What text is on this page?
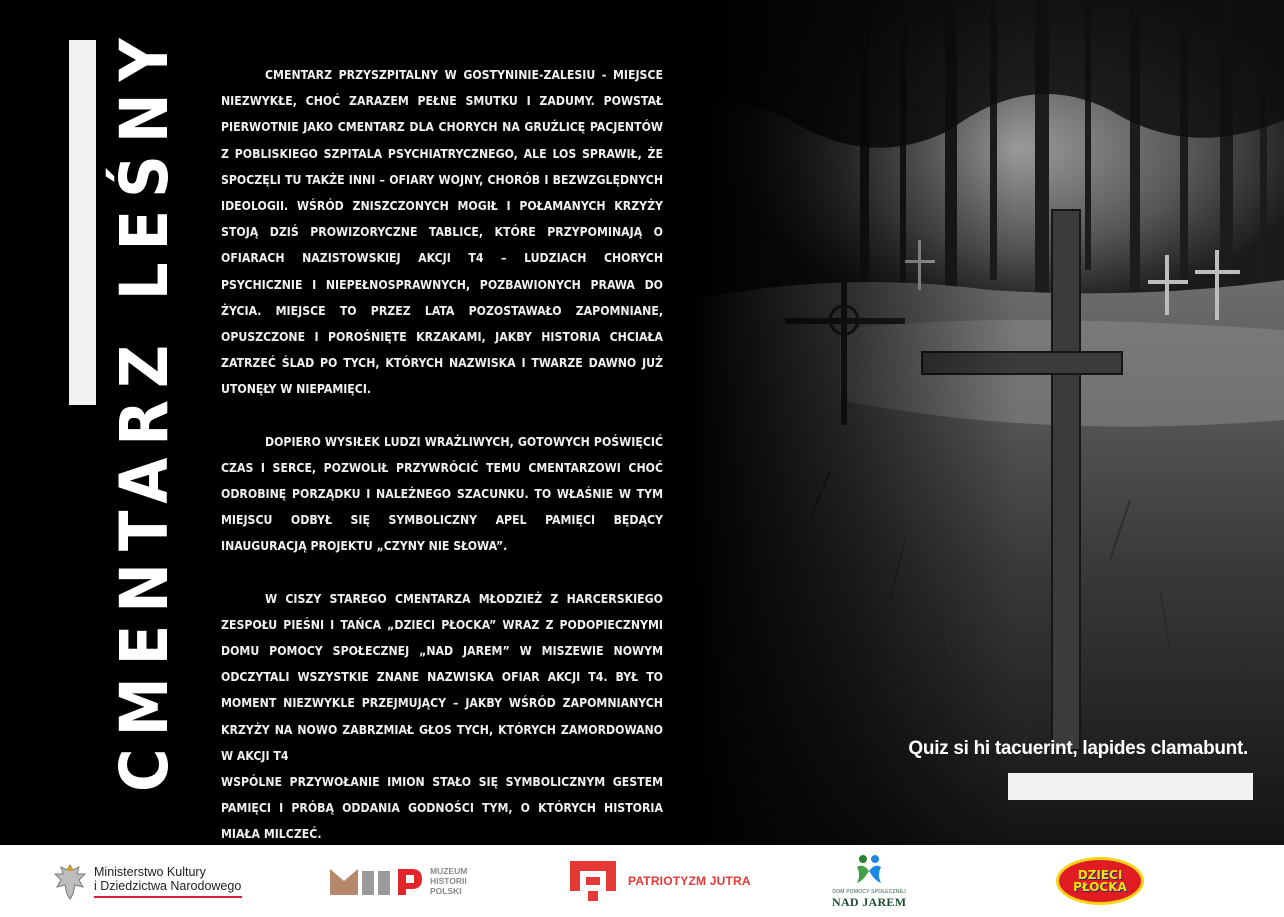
CMENTARZ LEŚNY	CMENTARZ PRZYSZPITALNY W GOSTYNINIE-ZALESIU - MIEJSCE NIEZWYKŁE, CHOĆ ZARAZEM PEŁNE SMUTKU I ZADUMY. POWSTAŁ PIERWOTNIE JAKO CMENTARZ DLA CHORYCH NA GRUŹLICĘ PACJENTÓW Z POBLISKIEGO SZPITALA PSYCHIATRYCZNEGO, ALE LOS SPRAWIŁ, ŻE SPOCZĘLI TU TAKŻE INNI – OFIARY WOJNY, CHORÓB I BEZWZGLĘDNYCH IDEOLOGII. WŚRÓD ZNISZCZONYCH MOGIŁ I POŁAMANYCH KRZYŻY STOJĄ DZIŚ PROWIZORYCZNE TABLICE, KTÓRE PRZYPOMINAJĄ O OFIARACH NAZISTOWSKIEJ AKCJI T4 – LUDZIACH CHORYCH PSYCHICZNIE I NIEPEŁNOSPRAWNYCH, POZBAWIONYCH PRAWA DO ŻYCIA. MIEJSCE TO PRZEZ LATA POZOSTAWAŁO ZAPOMNIANE, OPUSZCZONE I POROŚNIĘTE KRZAKAMI, JAKBY HISTORIA CHCIAŁA ZATRZEĆ ŚLAD PO TYCH, KTÓRYCH NAZWISKA I TWARZE DAWNO JUŻ UTONĘŁY W NIEPAMIĘCI.

DOPIERO WYSIŁEK LUDZI WRAŻLIWYCH, GOTOWYCH POŚWIĘCIĆ CZAS I SERCE, POZWOLIŁ PRZYWRÓCIĆ TEMU CMENTARZOWI CHOĆ ODROBINĘ PORZĄDKU I NALEŻNEGO SZACUNKU. TO WŁAŚNIE W TYM MIEJSCU ODBYŁ SIĘ SYMBOLICZNY APEL PAMIĘCI BĘDĄCY INAUGURACJĄ PROJEKTU „CZYNY NIE SŁOWA”.

W CISZY STAREGO CMENTARZA MŁODZIEŻ Z HARCERSKIEGO ZESPOŁU PIEŚNI I TAŃCA „DZIECI PŁOCKA” WRAZ Z PODOPIECZNYMI DOMU POMOCY SPOŁECZNEJ „NAD JAREM” W MISZEWIE NOWYM ODCZYTALI WSZYSTKIE ZNANE NAZWISKA OFIAR AKCJI T4. BYŁ TO MOMENT NIEZWYKLE PRZEJMUJĄCY – JAKBY WŚRÓD ZAPOMNIANYCH KRZYŻY NA NOWO ZABRZMIAŁ GŁOS TYCH, KTÓRYCH ZAMORDOWANO W AKCJI T4

WSPÓLNE PRZYWOŁANIE IMION STAŁO SIĘ SYMBOLICZNYM GESTEM PAMIĘCI I PRÓBĄ ODDANIA GODNOŚCI TYM, O KTÓRYCH HISTORIA MIAŁA MILCZEĆ.

Quiz si hi tacuerint, lapides clamabunt.
Ministerstwo Kultury
i Dziedzictwa Narodowego
MUZEUM
HISTORII
POLSKI
PATRIOTYZM JUTRA
DOM POMOCY SPOŁECZNEJ
NAD JAREM
DZIECI
PŁOCKA
